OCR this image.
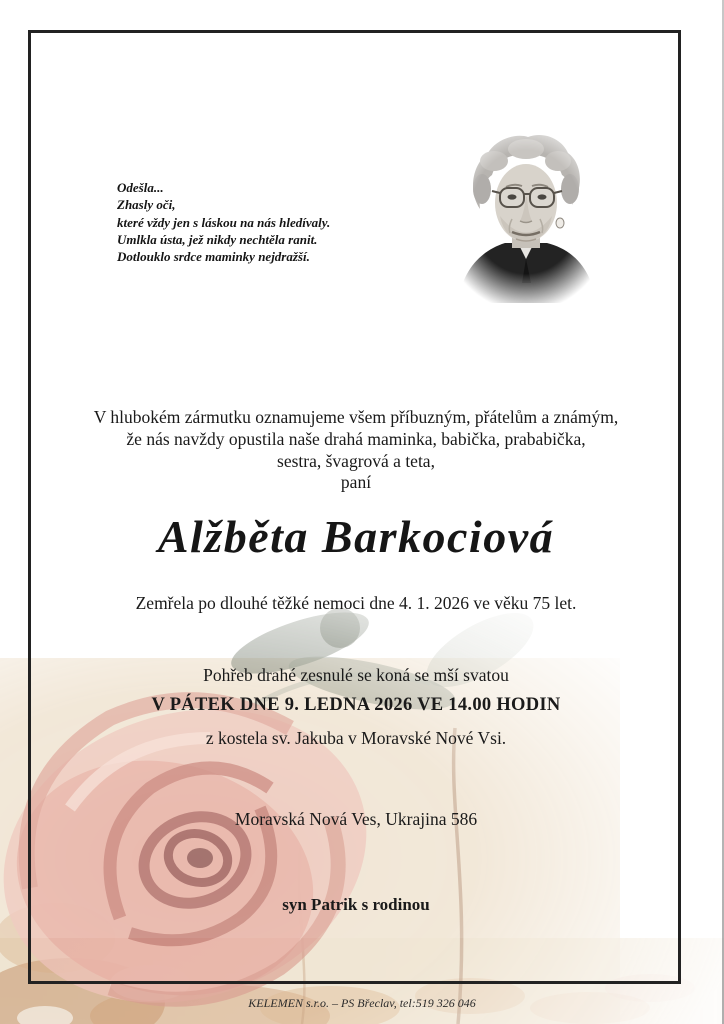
Odešla...
Zhasly oči,
které vždy jen s láskou na nás hledívaly.
Umlkla ústa, jež nikdy nechtěla ranit.
Dotlouklo srdce maminky nejdražší.
V hlubokém zármutku oznamujeme všem příbuzným, přátelům a známým,
že nás navždy opustila naše drahá maminka, babička, prababička,
sestra, švagrová a teta,
paní
Alžběta Barkociová
Zemřela po dlouhé těžké nemoci dne 4. 1. 2026 ve věku 75 let.
Pohřeb drahé zesnulé se koná se mší svatou
V PÁTEK DNE 9. LEDNA 2026 VE 14.00 HODIN
z kostela sv. Jakuba v Moravské Nové Vsi.
Moravská Nová Ves, Ukrajina 586
syn Patrik s rodinou
KELEMEN s.r.o. – PS Břeclav, tel:519 326 046
